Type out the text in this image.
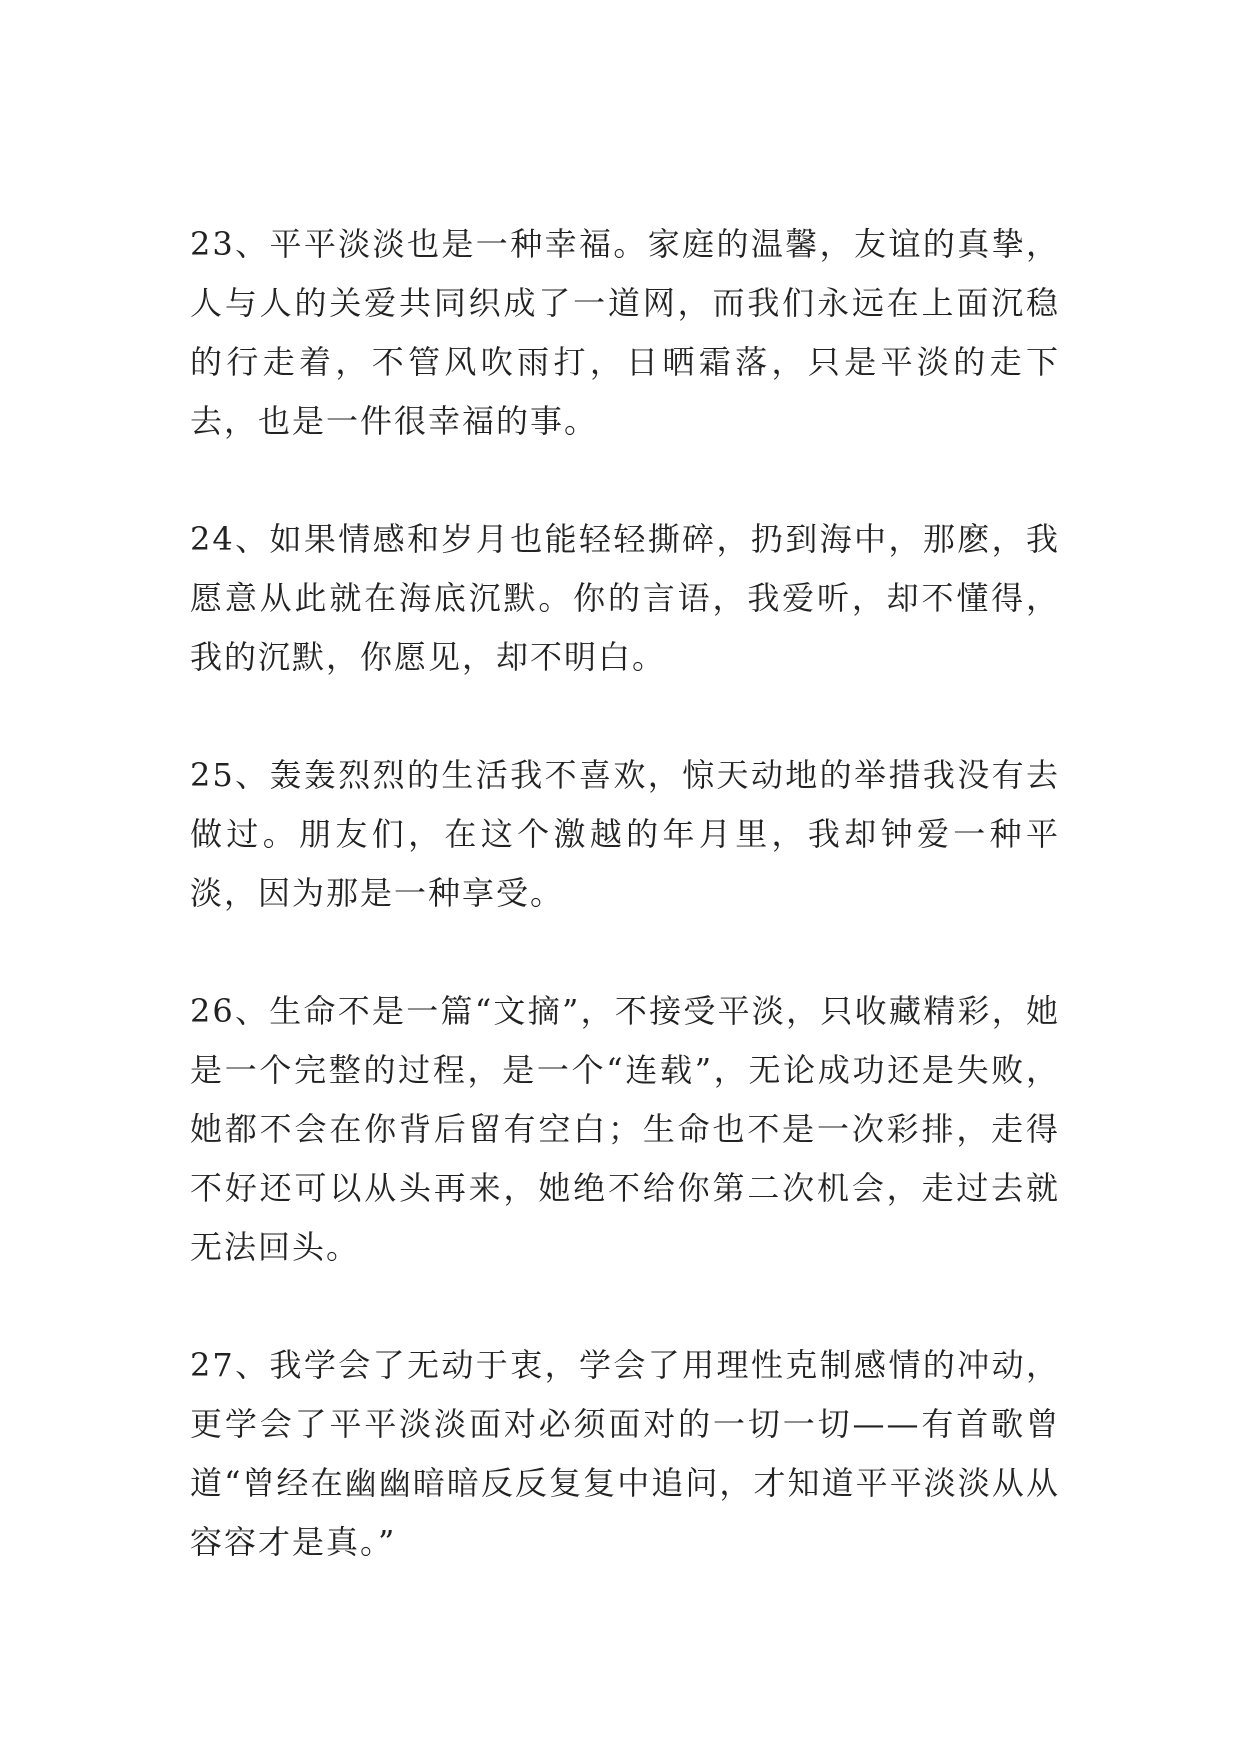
23、平平淡淡也是一种幸福。家庭的温馨，友谊的真挚，人与人的关爱共同织成了一道网，而我们永远在上面沉稳的行走着，不管风吹雨打，日晒霜落，只是平淡的走下去，也是一件很幸福的事。

24、如果情感和岁月也能轻轻撕碎，扔到海中，那麽，我愿意从此就在海底沉默。你的言语，我爱听，却不懂得，我的沉默，你愿见，却不明白。

25、轰轰烈烈的生活我不喜欢，惊天动地的举措我没有去做过。朋友们，在这个激越的年月里，我却钟爱一种平淡，因为那是一种享受。

26、生命不是一篇“文摘”，不接受平淡，只收藏精彩，她是一个完整的过程，是一个“连载”，无论成功还是失败，她都不会在你背后留有空白；生命也不是一次彩排，走得不好还可以从头再来，她绝不给你第二次机会，走过去就无法回头。

27、我学会了无动于衷，学会了用理性克制感情的冲动，更学会了平平淡淡面对必须面对的一切一切——有首歌曾道“曾经在幽幽暗暗反反复复中追问，才知道平平淡淡从从容容才是真。”
